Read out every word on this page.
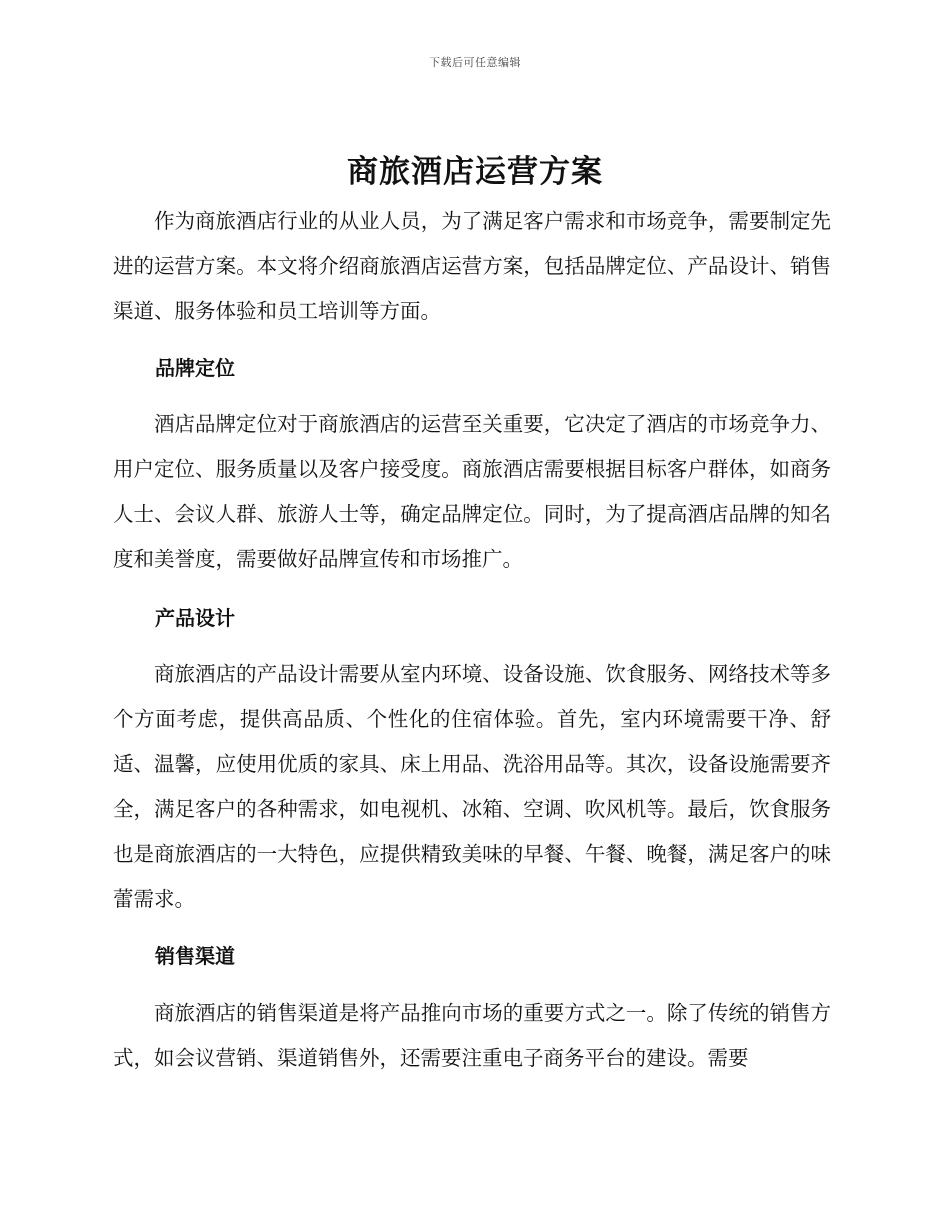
下载后可任意编辑
商旅酒店运营方案

作为商旅酒店行业的从业人员，为了满足客户需求和市场竞争，需要制定先进的运营方案。本文将介绍商旅酒店运营方案，包括品牌定位、产品设计、销售渠道、服务体验和员工培训等方面。

品牌定位

酒店品牌定位对于商旅酒店的运营至关重要，它决定了酒店的市场竞争力、用户定位、服务质量以及客户接受度。商旅酒店需要根据目标客户群体，如商务人士、会议人群、旅游人士等，确定品牌定位。同时，为了提高酒店品牌的知名度和美誉度，需要做好品牌宣传和市场推广。

产品设计

商旅酒店的产品设计需要从室内环境、设备设施、饮食服务、网络技术等多个方面考虑，提供高品质、个性化的住宿体验。首先，室内环境需要干净、舒适、温馨，应使用优质的家具、床上用品、洗浴用品等。其次，设备设施需要齐全，满足客户的各种需求，如电视机、冰箱、空调、吹风机等。最后，饮食服务也是商旅酒店的一大特色，应提供精致美味的早餐、午餐、晚餐，满足客户的味蕾需求。

销售渠道

商旅酒店的销售渠道是将产品推向市场的重要方式之一。除了传统的销售方式，如会议营销、渠道销售外，还需要注重电子商务平台的建设。需要
